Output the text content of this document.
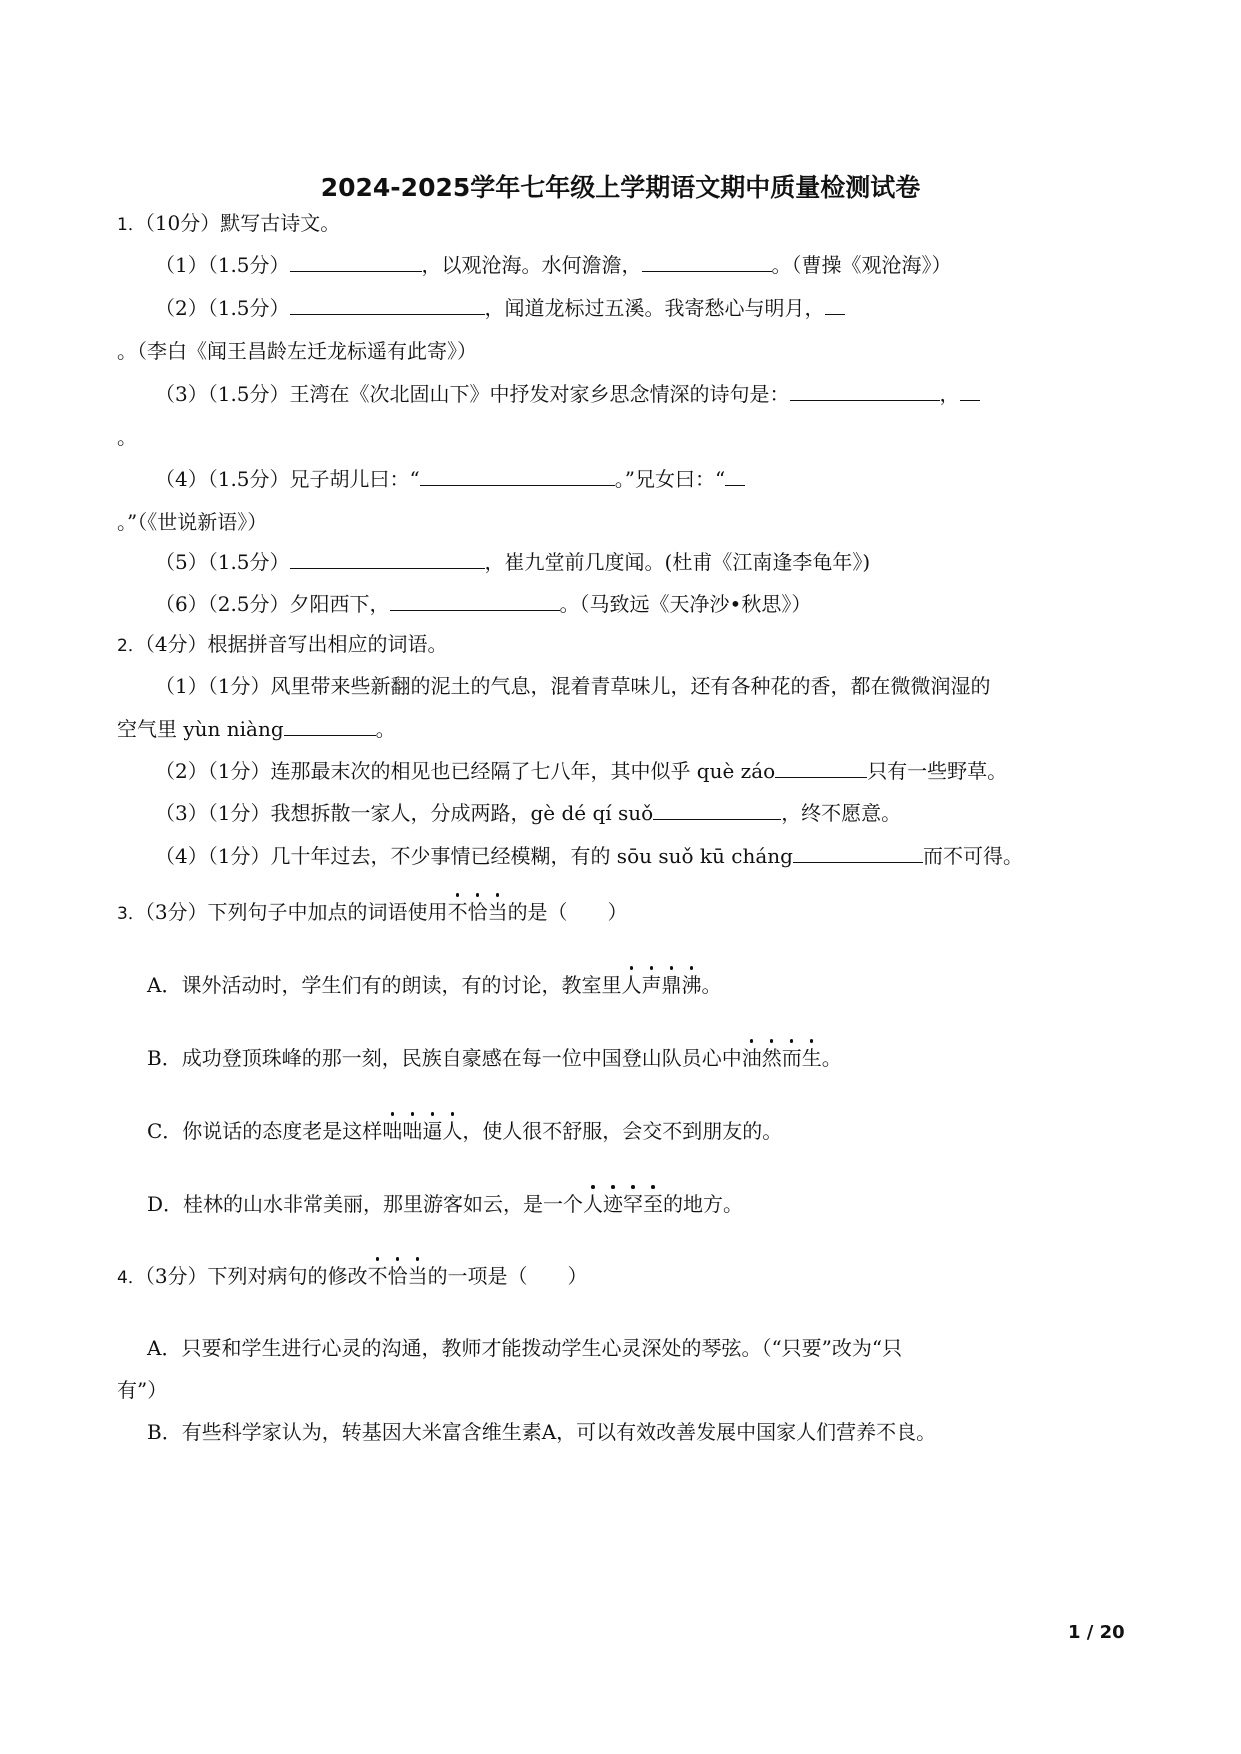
2024-2025学年七年级上学期语文期中质量检测试卷
1．（10分）默写古诗文。
（1）（1.5分）	，以观沧海。水何澹澹，	。（曹操《观沧海》）
（2）（1.5分）	，闻道龙标过五溪。我寄愁心与明月，
。（李白《闻王昌龄左迁龙标遥有此寄》）
（3）（1.5分）王湾在《次北固山下》中抒发对家乡思念情深的诗句是：	，
。
（4）（1.5分）兄子胡儿曰：“	。”兄女曰：“
。”（《世说新语》）
（5）（1.5分）	，崔九堂前几度闻。(杜甫《江南逢李龟年》)
（6）（2.5分）夕阳西下，	。（马致远《天净沙•秋思》）
2．（4分）根据拼音写出相应的词语。
（1）（1分）风里带来些新翻的泥土的气息，混着青草味儿，还有各种花的香，都在微微润湿的
空气里 yùn niàng	。
（2）（1分）连那最末次的相见也已经隔了七八年，其中似乎 què záo	只有一些野草。
（3）（1分）我想拆散一家人，分成两路，gè dé qí suǒ	，终不愿意。
（4）（1分）几十年过去，不少事情已经模糊，有的 sōu suǒ kū cháng	而不可得。
3．（3分）下列句子中加点的词语使用不恰当的是（　　）
A．课外活动时，学生们有的朗读，有的讨论，教室里人声鼎沸。
B．成功登顶珠峰的那一刻，民族自豪感在每一位中国登山队员心中油然而生。
C．你说话的态度老是这样咄咄逼人，使人很不舒服，会交不到朋友的。
D．桂林的山水非常美丽，那里游客如云，是一个人迹罕至的地方。
4．（3分）下列对病句的修改不恰当的一项是（　　）
A．只要和学生进行心灵的沟通，教师才能拨动学生心灵深处的琴弦。（“只要”改为“只
有”）
B．有些科学家认为，转基因大米富含维生素A，可以有效改善发展中国家人们营养不良。
1 / 20
